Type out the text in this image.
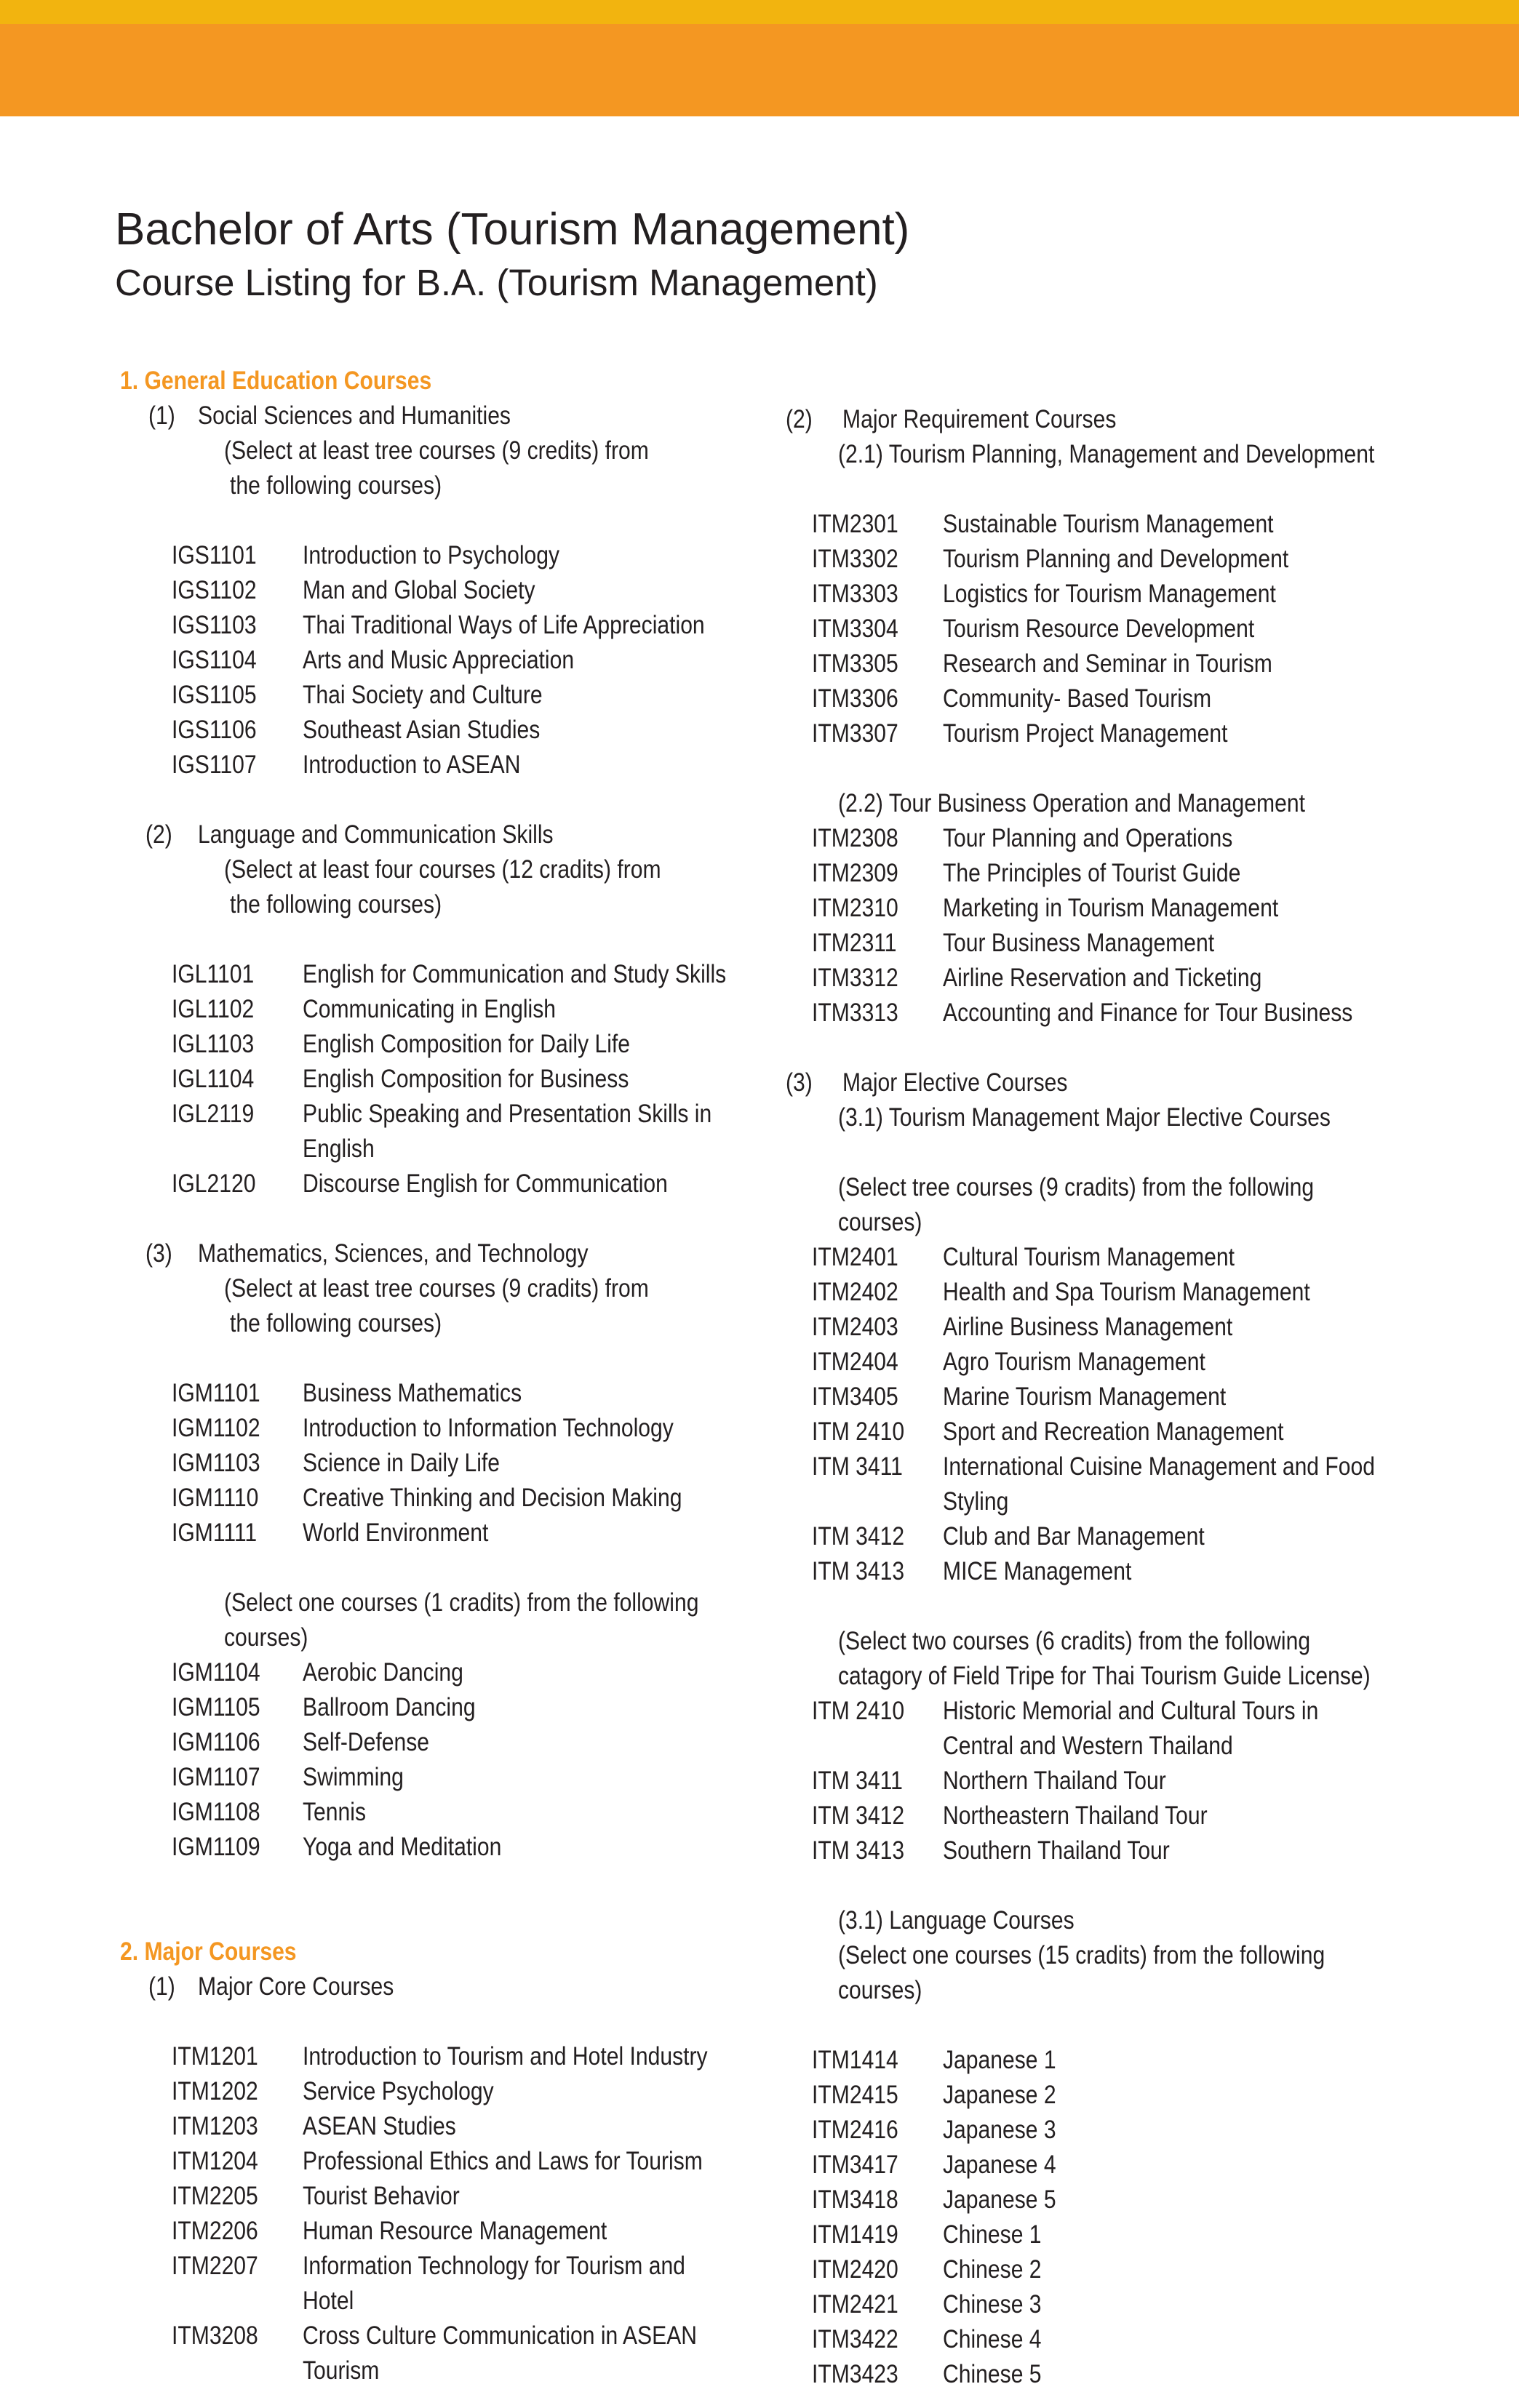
Bachelor of Arts (Tourism Management)
Course Listing for B.A. (Tourism Management)
1. General Education Courses
(1) Social Sciences and Humanities
(Select at least tree courses (9 credits) from
the following courses)
IGS1101 Introduction to Psychology
IGS1102 Man and Global Society
IGS1103 Thai Traditional Ways of Life Appreciation
IGS1104 Arts and Music Appreciation
IGS1105 Thai Society and Culture
IGS1106 Southeast Asian Studies
IGS1107 Introduction to ASEAN
(2) Language and Communication Skills
(Select at least four courses (12 cradits) from
the following courses)
IGL1101 English for Communication and Study Skills
IGL1102 Communicating in English
IGL1103 English Composition for Daily Life
IGL1104 English Composition for Business
IGL2119 Public Speaking and Presentation Skills in
English
IGL2120 Discourse English for Communication
(3) Mathematics, Sciences, and Technology
(Select at least tree courses (9 cradits) from
the following courses)
IGM1101 Business Mathematics
IGM1102 Introduction to Information Technology
IGM1103 Science in Daily Life
IGM1110 Creative Thinking and Decision Making
IGM1111 World Environment
(Select one courses (1 cradits) from the following
courses)
IGM1104 Aerobic Dancing
IGM1105 Ballroom Dancing
IGM1106 Self-Defense
IGM1107 Swimming
IGM1108 Tennis
IGM1109 Yoga and Meditation
2. Major Courses
(1) Major Core Courses
ITM1201 Introduction to Tourism and Hotel Industry
ITM1202 Service Psychology
ITM1203 ASEAN Studies
ITM1204 Professional Ethics and Laws for Tourism
ITM2205 Tourist Behavior
ITM2206 Human Resource Management
ITM2207 Information Technology for Tourism and
Hotel
ITM3208 Cross Culture Communication in ASEAN
Tourism
(2) Major Requirement Courses
(2.1) Tourism Planning, Management and Development
ITM2301 Sustainable Tourism Management
ITM3302 Tourism Planning and Development
ITM3303 Logistics for Tourism Management
ITM3304 Tourism Resource Development
ITM3305 Research and Seminar in Tourism
ITM3306 Community- Based Tourism
ITM3307 Tourism Project Management
(2.2) Tour Business Operation and Management
ITM2308 Tour Planning and Operations
ITM2309 The Principles of Tourist Guide
ITM2310 Marketing in Tourism Management
ITM2311 Tour Business Management
ITM3312 Airline Reservation and Ticketing
ITM3313 Accounting and Finance for Tour Business
(3) Major Elective Courses
(3.1) Tourism Management Major Elective Courses
(Select tree courses (9 cradits) from the following
courses)
ITM2401 Cultural Tourism Management
ITM2402 Health and Spa Tourism Management
ITM2403 Airline Business Management
ITM2404 Agro Tourism Management
ITM3405 Marine Tourism Management
ITM 2410 Sport and Recreation Management
ITM 3411 International Cuisine Management and Food
Styling
ITM 3412 Club and Bar Management
ITM 3413 MICE Management
(Select two courses (6 cradits) from the following
catagory of Field Tripe for Thai Tourism Guide License)
ITM 2410 Historic Memorial and Cultural Tours in
Central and Western Thailand
ITM 3411 Northern Thailand Tour
ITM 3412 Northeastern Thailand Tour
ITM 3413 Southern Thailand Tour
(3.1) Language Courses
(Select one courses (15 cradits) from the following
courses)
ITM1414 Japanese 1
ITM2415 Japanese 2
ITM2416 Japanese 3
ITM3417 Japanese 4
ITM3418 Japanese 5
ITM1419 Chinese 1
ITM2420 Chinese 2
ITM2421 Chinese 3
ITM3422 Chinese 4
ITM3423 Chinese 5
